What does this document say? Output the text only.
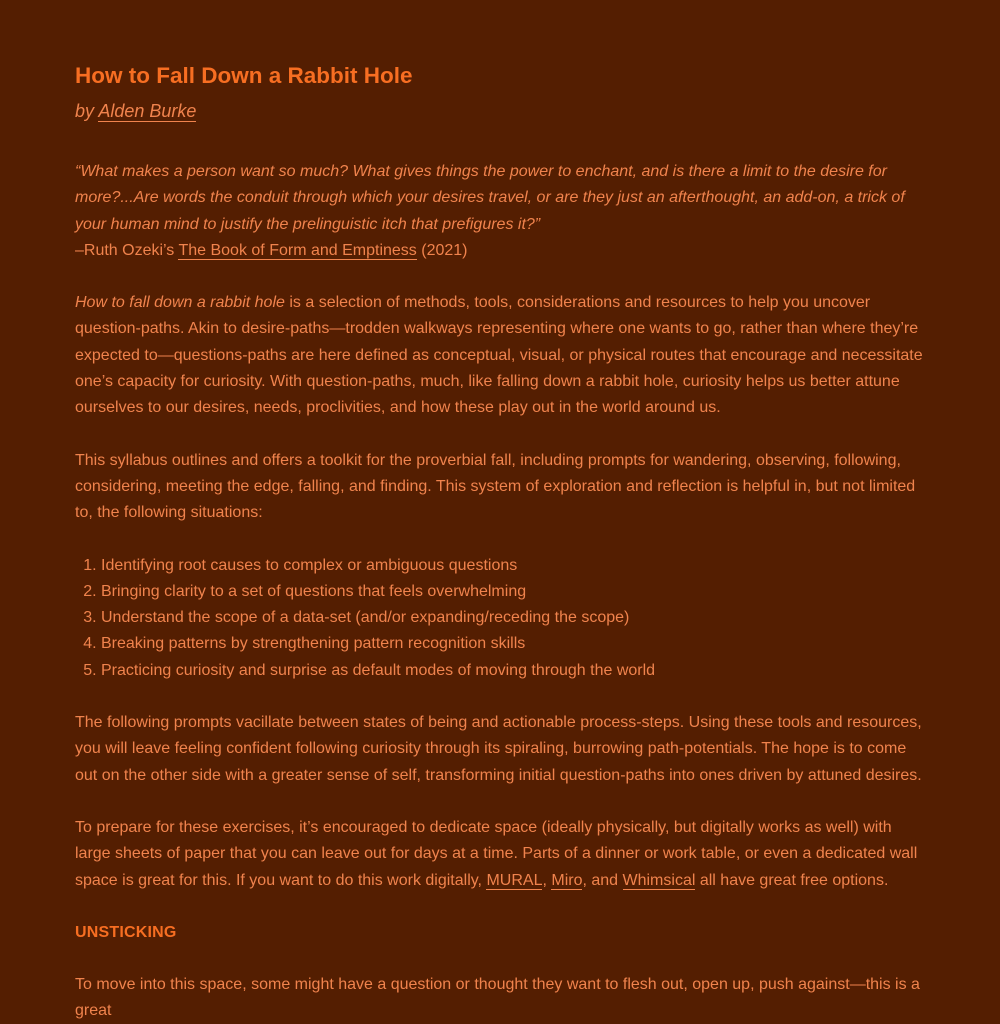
How to Fall Down a Rabbit Hole
by Alden Burke

“What makes a person want so much? What gives things the power to enchant, and is there a limit to the desire for more?...Are words the conduit through which your desires travel, or are they just an afterthought, an add-on, a trick of your human mind to justify the prelinguistic itch that prefigures it?”
–Ruth Ozeki’s The Book of Form and Emptiness (2021)

How to fall down a rabbit hole is a selection of methods, tools, considerations and resources to help you uncover question-paths. Akin to desire-paths—trodden walkways representing where one wants to go, rather than where they’re expected to—questions-paths are here defined as conceptual, visual, or physical routes that encourage and necessitate one’s capacity for curiosity. With question-paths, much, like falling down a rabbit hole, curiosity helps us better attune ourselves to our desires, needs, proclivities, and how these play out in the world around us.

This syllabus outlines and offers a toolkit for the proverbial fall, including prompts for wandering, observing, following, considering, meeting the edge, falling, and finding. This system of exploration and reflection is helpful in, but not limited to, the following situations:

1. Identifying root causes to complex or ambiguous questions
2. Bringing clarity to a set of questions that feels overwhelming
3. Understand the scope of a data-set (and/or expanding/receding the scope)
4. Breaking patterns by strengthening pattern recognition skills
5. Practicing curiosity and surprise as default modes of moving through the world

The following prompts vacillate between states of being and actionable process-steps. Using these tools and resources, you will leave feeling confident following curiosity through its spiraling, burrowing path-potentials. The hope is to come out on the other side with a greater sense of self, transforming initial question-paths into ones driven by attuned desires.

To prepare for these exercises, it’s encouraged to dedicate space (ideally physically, but digitally works as well) with large sheets of paper that you can leave out for days at a time. Parts of a dinner or work table, or even a dedicated wall space is great for this. If you want to do this work digitally, MURAL, Miro, and Whimsical all have great free options.

UNSTICKING

To move into this space, some might have a question or thought they want to flesh out, open up, push against—this is a great
